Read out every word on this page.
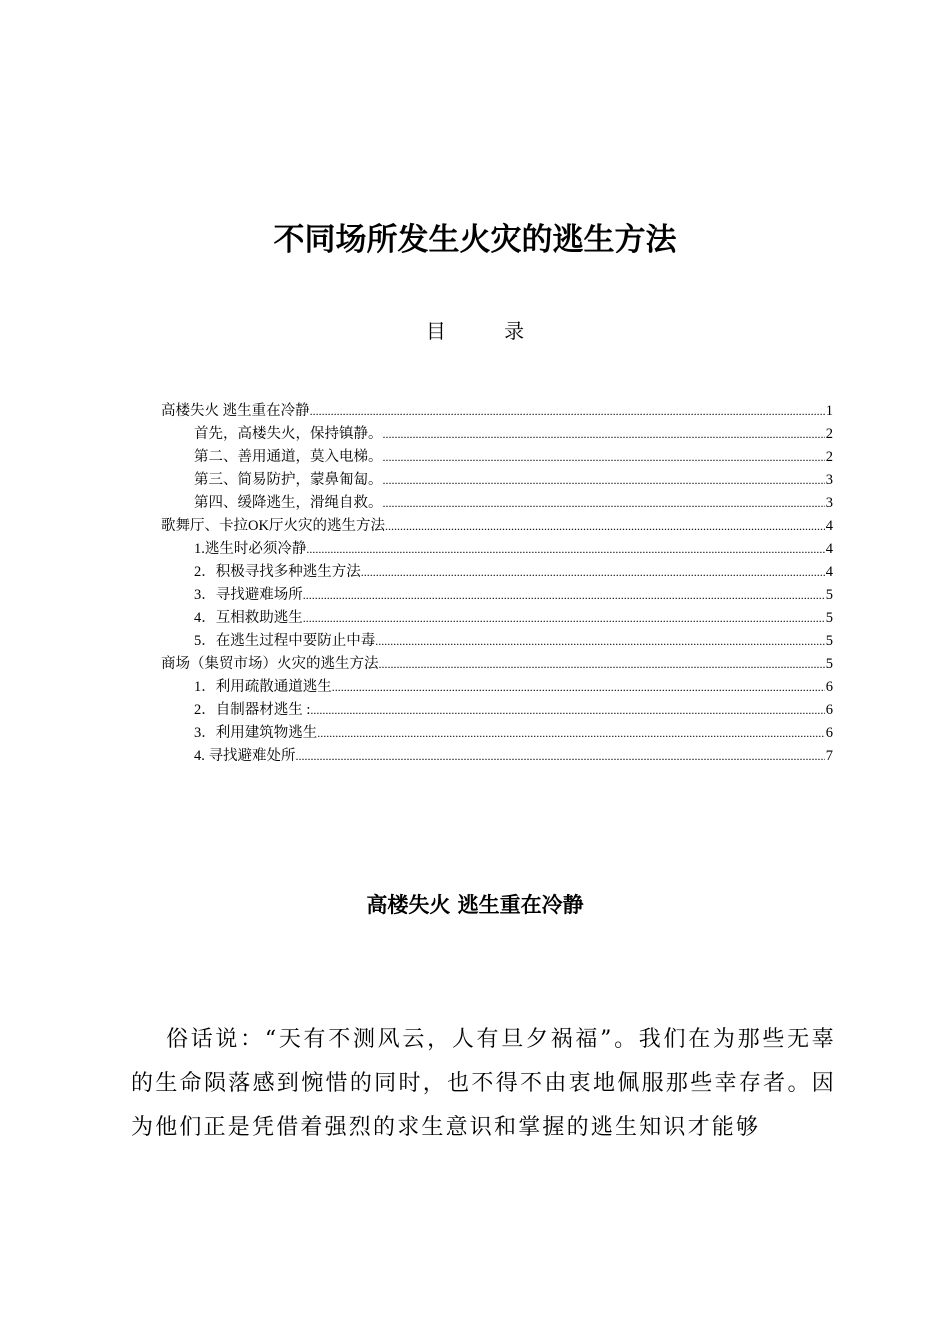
不同场所发生火灾的逃生方法
目 录
高楼失火 逃生重在冷静 .....	1
首先，高楼失火，保持镇静。 .....	2
第二、善用通道，莫入电梯。 .....	2
第三、简易防护，蒙鼻匍匐。 .....	3
第四、缓降逃生，滑绳自救。 .....	3
歌舞厅、卡拉OK厅火灾的逃生方法 .....	4
1.逃生时必须冷静 .....	4
2．积极寻找多种逃生方法 .....	4
3．寻找避难场所 .....	5
4．互相救助逃生 .....	5
5．在逃生过程中要防止中毒 .....	5
商场（集贸市场）火灾的逃生方法 .....	5
1．利用疏散通道逃生 .....	6
2．自制器材逃生 : .....	6
3．利用建筑物逃生 .....	6
4. 寻找避难处所 .....	7
高楼失火 逃生重在冷静

俗话说：“天有不测风云，人有旦夕祸福”。我们在为那些无辜的生命陨落感到惋惜的同时，也不得不由衷地佩服那些幸存者。因为他们正是凭借着强烈的求生意识和掌握的逃生知识才能够
